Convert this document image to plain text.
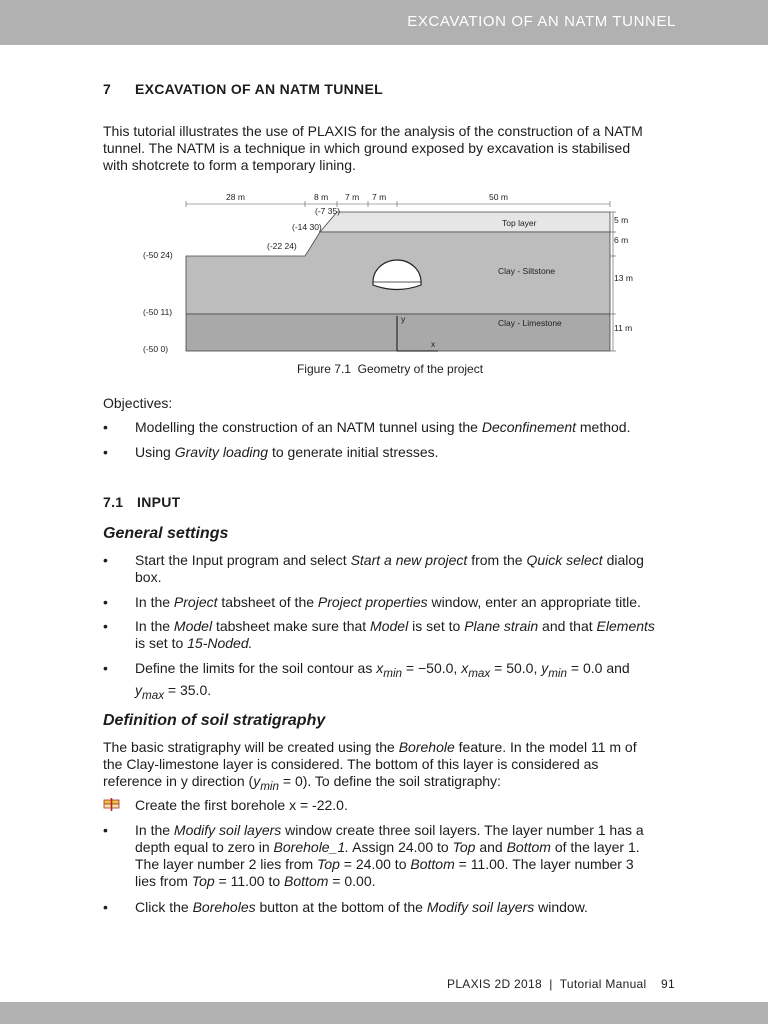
EXCAVATION OF AN NATM TUNNEL
7 EXCAVATION OF AN NATM TUNNEL
This tutorial illustrates the use of PLAXIS for the analysis of the construction of a NATM
tunnel. The NATM is a technique in which ground exposed by excavation is stabilised
with shotcrete to form a temporary lining.
28 m	8 m 7 m 7 m	50 m
(-7 35)
(-14 30)
(-22 24)
(-50 24)
(-50 11)
(-50 0)
Top layer
Clay - Siltstone
Clay - Limestone
5 m
6 m
13 m
11 m
y
x
Figure 7.1 Geometry of the project
Objectives:
•	Modelling the construction of an NATM tunnel using the Deconfinement method.
•	Using Gravity loading to generate initial stresses.
7.1 INPUT
General settings
•	Start the Input program and select Start a new project from the Quick select dialog
box.
•	In the Project tabsheet of the Project properties window, enter an appropriate title.
•	In the Model tabsheet make sure that Model is set to Plane strain and that Elements
is set to 15-Noded.
•	Define the limits for the soil contour as $x_{min} = -50.0$, $x_{max} = 50.0$, $y_{min} = 0.0$ and
$y_{max} = 35.0$.
Definition of soil stratigraphy
The basic stratigraphy will be created using the Borehole feature. In the model 11 m of
the Clay-limestone layer is considered. The bottom of this layer is considered as
reference in y direction $(y_{min} = 0)$. To define the soil stratigraphy:
Create the first borehole x = -22.0.
•	In the Modify soil layers window create three soil layers. The layer number 1 has a
depth equal to zero in Borehole_1. Assign 24.00 to Top and Bottom of the layer 1.
The layer number 2 lies from Top = 24.00 to Bottom = 11.00. The layer number 3
lies from Top = 11.00 to Bottom = 0.00.
•	Click the Boreholes button at the bottom of the Modify soil layers window.
PLAXIS 2D 2018 | Tutorial Manual 91
